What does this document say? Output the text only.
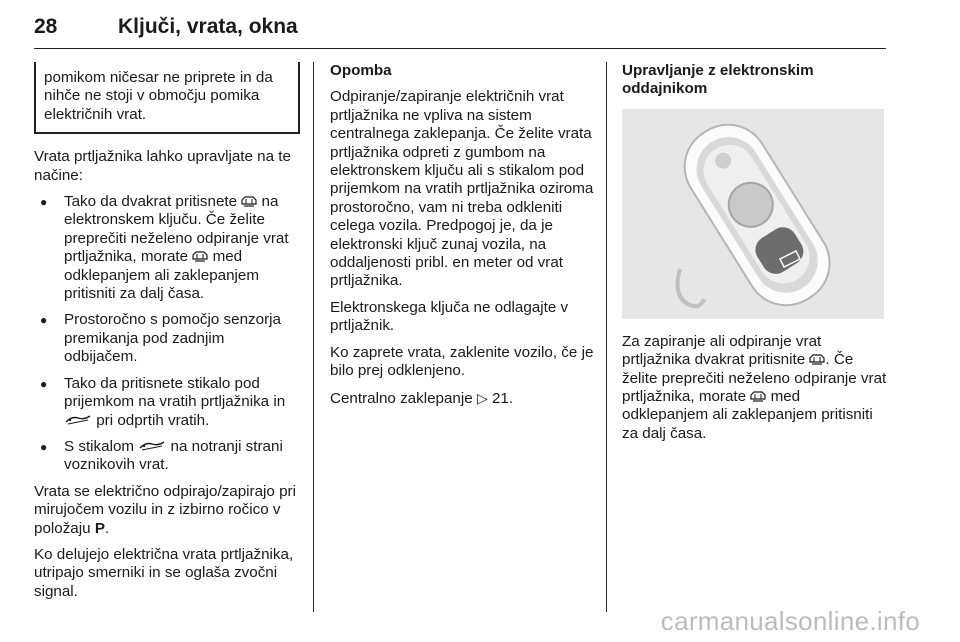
28	Ključi, vrata, okna
pomikom ničesar ne priprete in da nihče ne stoji v območju pomika električnih vrat.

Vrata prtljažnika lahko upravljate na te načine:

● Tako da dvakrat pritisnete na elektronskem ključu. Če želite preprečiti neželeno odpiranje vrat prtljažnika, morate med odklepanjem ali zaklepanjem pritisniti za dalj časa.
● Prostoročno s pomočjo senzorja premikanja pod zadnjim odbijačem.
● Tako da pritisnete stikalo pod prijemkom na vratih prtljažnika in  pri odprtih vratih.
● S stikalom na notranji strani voznikovih vrat.

Vrata se električno odpirajo/zapirajo pri mirujočem vozilu in z izbirno ročico v položaju P.

Ko delujejo električna vrata prtljažnika, utripajo smerniki in se oglaša zvočni signal.

Opomba

Odpiranje/zapiranje električnih vrat prtljažnika ne vpliva na sistem centralnega zaklepanja. Če želite vrata prtljažnika odpreti z gumbom na elektronskem ključu ali s stikalom pod prijemkom na vratih prtljažnika oziroma prostoročno, vam ni treba odkleniti celega vozila. Predpogoj je, da je elektronski ključ zunaj vozila, na oddaljenosti pribl. en meter od vrat prtljažnika.

Elektronskega ključa ne odlagajte v prtljažnik.

Ko zaprete vrata, zaklenite vozilo, če je bilo prej odklenjeno.

Centralno zaklepanje ▷ 21.

Upravljanje z elektronskim oddajnikom

Za zapiranje ali odpiranje vrat prtljažnika dvakrat pritisnite . Če želite preprečiti neželeno odpiranje vrat prtljažnika, morate med odklepanjem ali zaklepanjem pritisniti za dalj časa.

carmanualsonline.info
